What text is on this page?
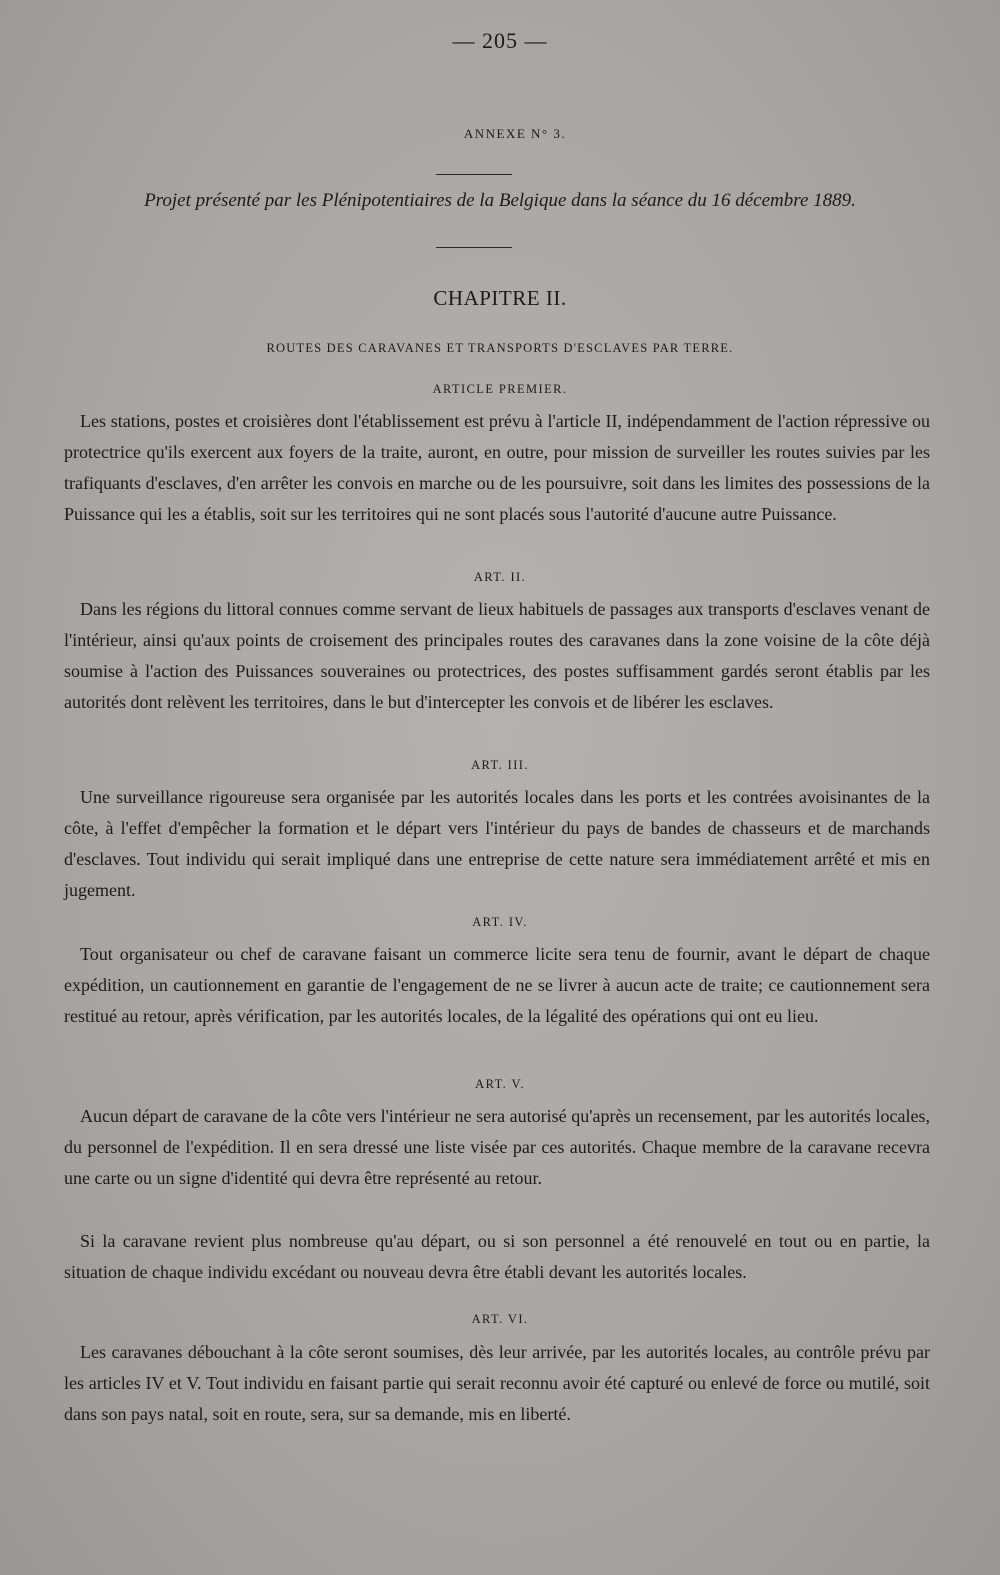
— 205 —
ANNEXE N° 3.
Projet présenté par les Plénipotentiaires de la Belgique dans la séance du 16 décembre 1889.
CHAPITRE II.
ROUTES DES CARAVANES ET TRANSPORTS D'ESCLAVES PAR TERRE.
ARTICLE PREMIER.
Les stations, postes et croisières dont l'établissement est prévu à l'article II, indépendamment de l'action répressive ou protectrice qu'ils exercent aux foyers de la traite, auront, en outre, pour mission de surveiller les routes suivies par les trafiquants d'esclaves, d'en arrêter les convois en marche ou de les poursuivre, soit dans les limites des possessions de la Puissance qui les a établis, soit sur les territoires qui ne sont placés sous l'autorité d'aucune autre Puissance.
ART. II.
Dans les régions du littoral connues comme servant de lieux habituels de passages aux transports d'esclaves venant de l'intérieur, ainsi qu'aux points de croisement des principales routes des caravanes dans la zone voisine de la côte déjà soumise à l'action des Puissances souveraines ou protectrices, des postes suffisamment gardés seront établis par les autorités dont relèvent les territoires, dans le but d'intercepter les convois et de libérer les esclaves.
ART. III.
Une surveillance rigoureuse sera organisée par les autorités locales dans les ports et les contrées avoisinantes de la côte, à l'effet d'empêcher la formation et le départ vers l'intérieur du pays de bandes de chasseurs et de marchands d'esclaves. Tout individu qui serait impliqué dans une entreprise de cette nature sera immédiatement arrêté et mis en jugement.
ART. IV.
Tout organisateur ou chef de caravane faisant un commerce licite sera tenu de fournir, avant le départ de chaque expédition, un cautionnement en garantie de l'engagement de ne se livrer à aucun acte de traite; ce cautionnement sera restitué au retour, après vérification, par les autorités locales, de la légalité des opérations qui ont eu lieu.
ART. V.
Aucun départ de caravane de la côte vers l'intérieur ne sera autorisé qu'après un recensement, par les autorités locales, du personnel de l'expédition. Il en sera dressé une liste visée par ces autorités. Chaque membre de la caravane recevra une carte ou un signe d'identité qui devra être représenté au retour.
Si la caravane revient plus nombreuse qu'au départ, ou si son personnel a été renouvelé en tout ou en partie, la situation de chaque individu excédant ou nouveau devra être établi devant les autorités locales.
ART. VI.
Les caravanes débouchant à la côte seront soumises, dès leur arrivée, par les autorités locales, au contrôle prévu par les articles IV et V. Tout individu en faisant partie qui serait reconnu avoir été capturé ou enlevé de force ou mutilé, soit dans son pays natal, soit en route, sera, sur sa demande, mis en liberté.
